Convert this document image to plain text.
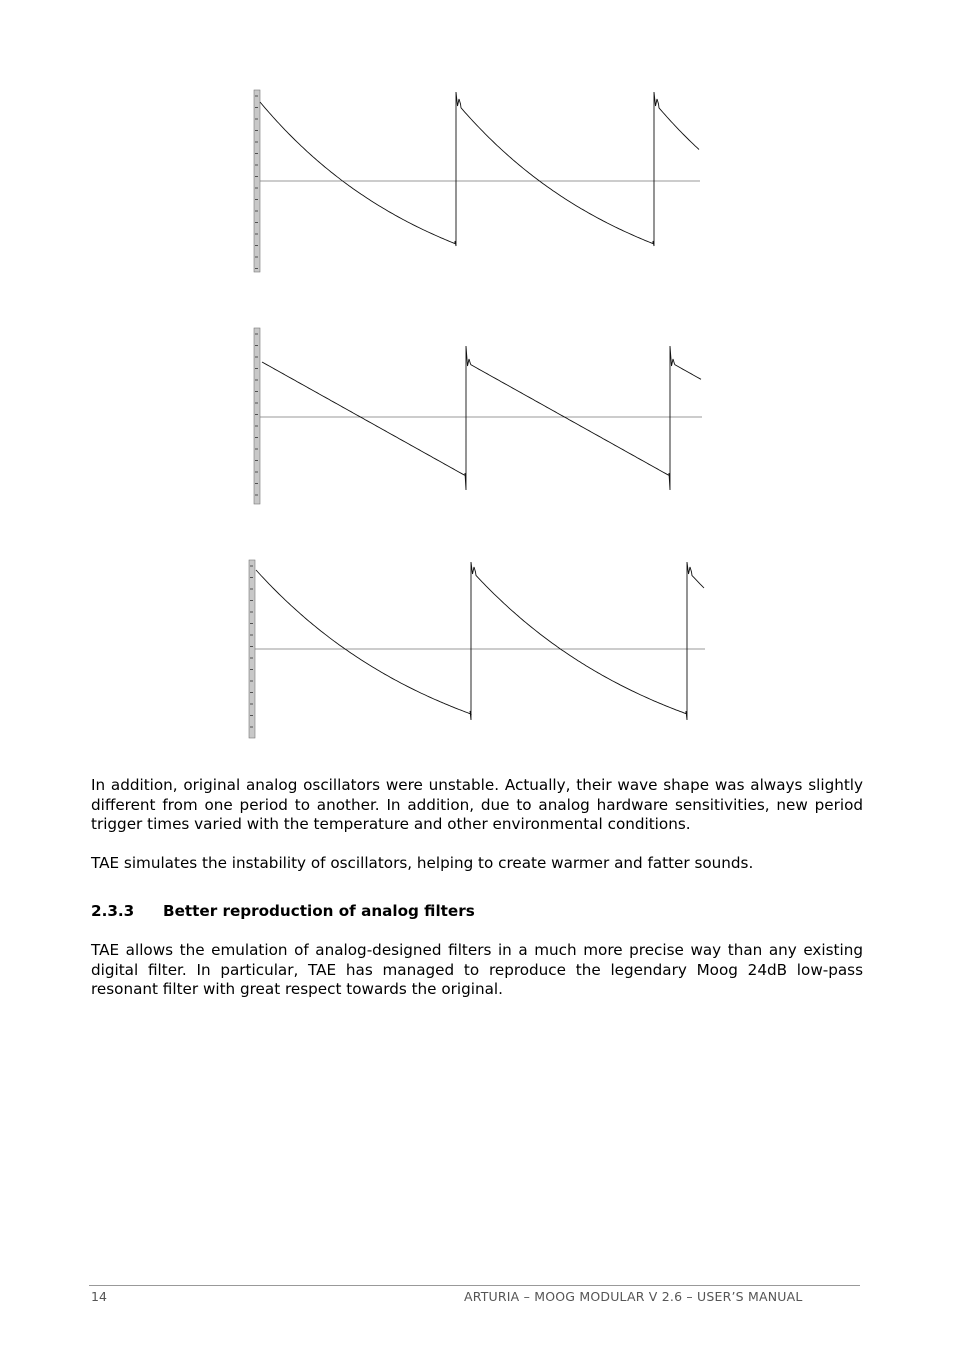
In addition, original analog oscillators were unstable. Actually, their wave shape was always slightly different from one period to another. In addition, due to analog hardware sensitivities, new period trigger times varied with the temperature and other environmental conditions.

TAE simulates the instability of oscillators, helping to create warmer and fatter sounds.

2.3.3 Better reproduction of analog filters

TAE allows the emulation of analog-designed filters in a much more precise way than any existing digital filter. In particular, TAE has managed to reproduce the legendary Moog 24dB low-pass resonant filter with great respect towards the original.

14	ARTURIA – MOOG MODULAR V 2.6 – USER’S MANUAL
